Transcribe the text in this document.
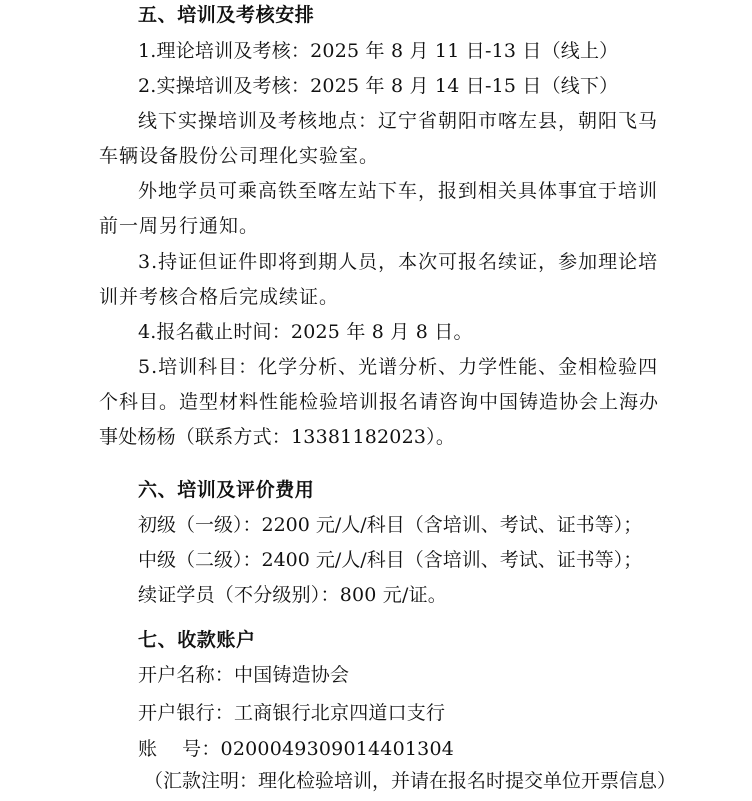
五、培训及考核安排
1.理论培训及考核：2025 年 8 月 11 日-13 日（线上）
2.实操培训及考核：2025 年 8 月 14 日-15 日（线下）
线下实操培训及考核地点：辽宁省朝阳市喀左县，朝阳飞马
车辆设备股份公司理化实验室。
外地学员可乘高铁至喀左站下车，报到相关具体事宜于培训
前一周另行通知。
3.持证但证件即将到期人员，本次可报名续证，参加理论培
训并考核合格后完成续证。
4.报名截止时间：2025 年 8 月 8 日。
5.培训科目：化学分析、光谱分析、力学性能、金相检验四
个科目。造型材料性能检验培训报名请咨询中国铸造协会上海办
事处杨杨（联系方式：13381182023）。
六、培训及评价费用
初级（一级）：2200 元/人/科目（含培训、考试、证书等）；
中级（二级）：2400 元/人/科目（含培训、考试、证书等）；
续证学员（不分级别）：800 元/证。
七、收款账户
开户名称：中国铸造协会
开户银行：工商银行北京四道口支行
账    号：0200049309014401304
（汇款注明：理化检验培训，并请在报名时提交单位开票信息）
